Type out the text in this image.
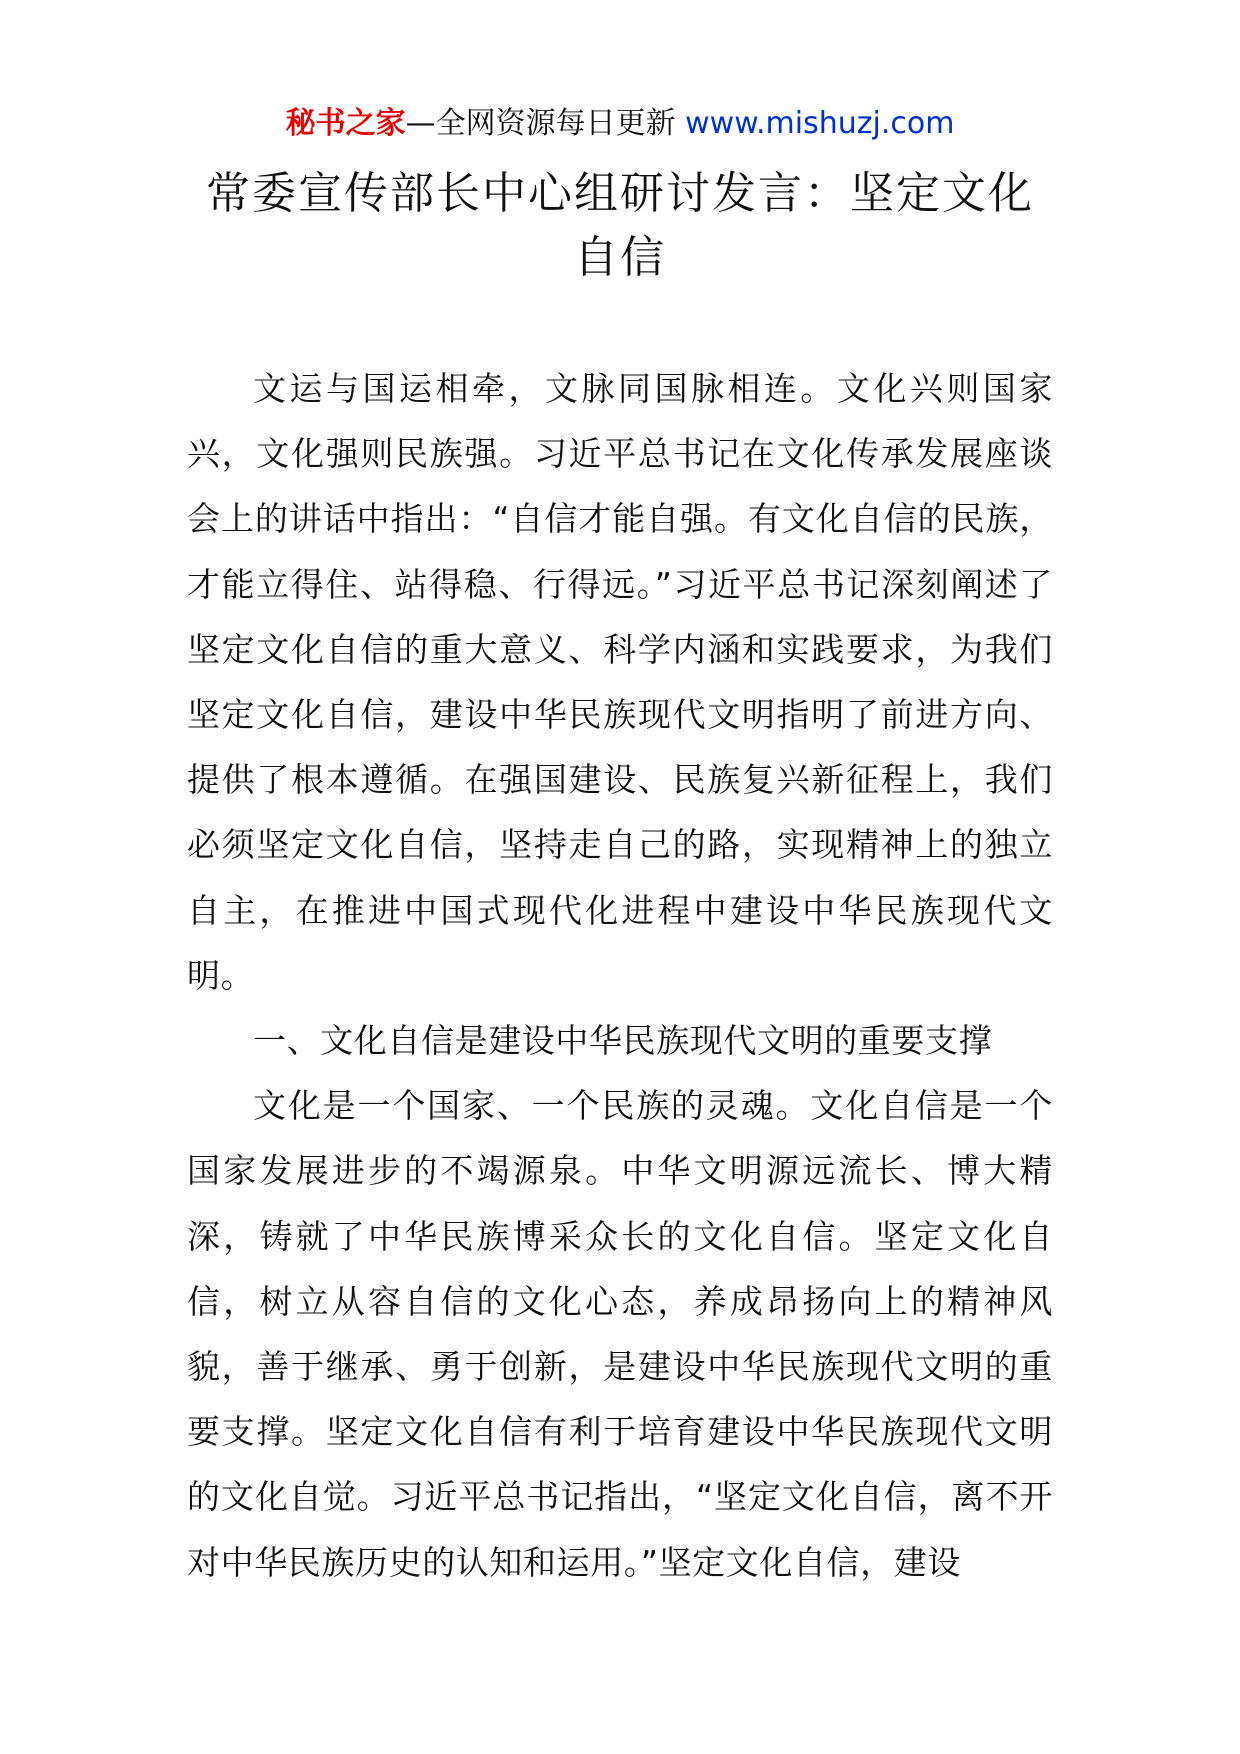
秘书之家—全网资源每日更新 www.mishuzj.com
常委宣传部长中心组研讨发言：坚定文化
自信

文运与国运相牵，文脉同国脉相连。文化兴则国家兴，文化强则民族强。习近平总书记在文化传承发展座谈会上的讲话中指出：“自信才能自强。有文化自信的民族，才能立得住、站得稳、行得远。”习近平总书记深刻阐述了坚定文化自信的重大意义、科学内涵和实践要求，为我们坚定文化自信，建设中华民族现代文明指明了前进方向、提供了根本遵循。在强国建设、民族复兴新征程上，我们必须坚定文化自信，坚持走自己的路，实现精神上的独立自主，在推进中国式现代化进程中建设中华民族现代文明。

一、文化自信是建设中华民族现代文明的重要支撑

文化是一个国家、一个民族的灵魂。文化自信是一个国家发展进步的不竭源泉。中华文明源远流长、博大精深，铸就了中华民族博采众长的文化自信。坚定文化自信，树立从容自信的文化心态，养成昂扬向上的精神风貌，善于继承、勇于创新，是建设中华民族现代文明的重要支撑。坚定文化自信有利于培育建设中华民族现代文明的文化自觉。习近平总书记指出，“坚定文化自信，离不开对中华民族历史的认知和运用。”坚定文化自信，建设
